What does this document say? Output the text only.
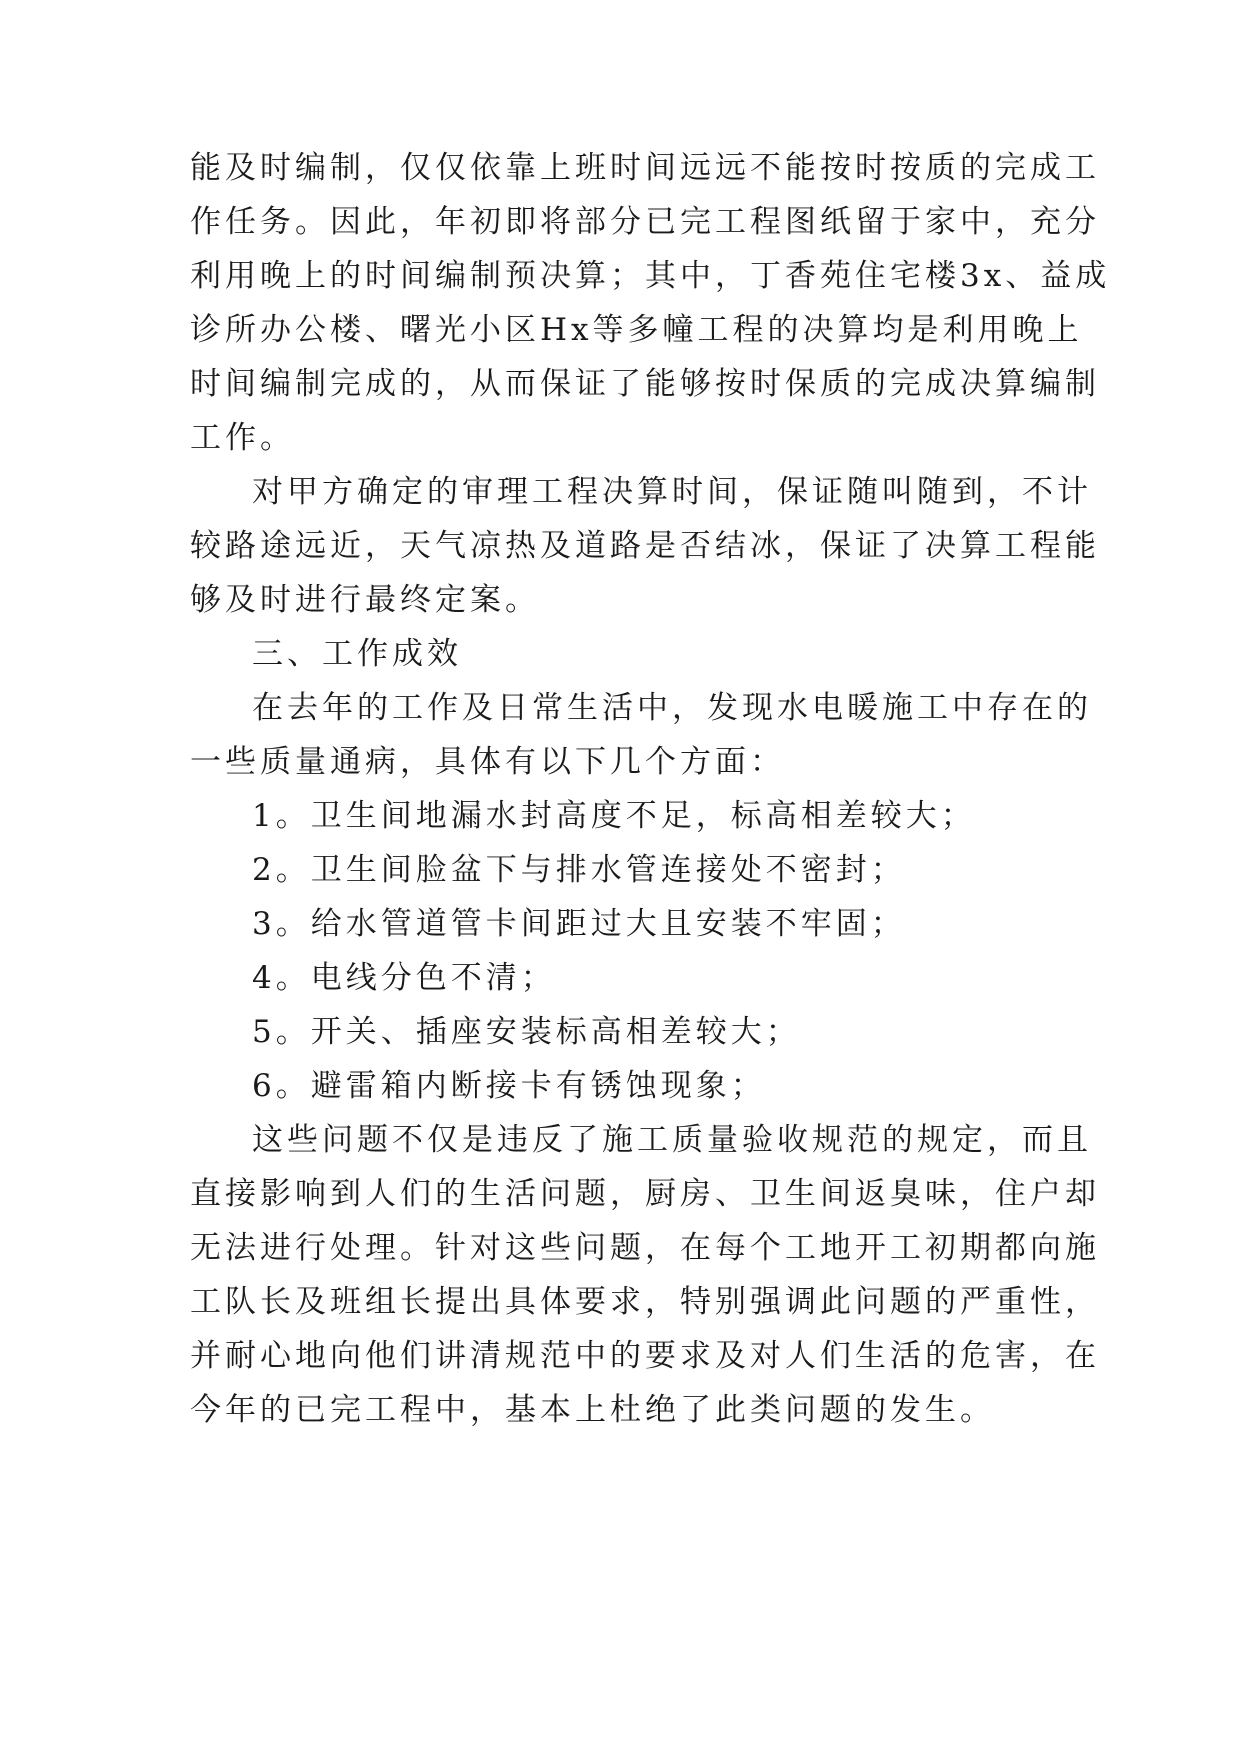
能及时编制，仅仅依靠上班时间远远不能按时按质的完成工
作任务。因此，年初即将部分已完工程图纸留于家中，充分
利用晚上的时间编制预决算；其中，丁香苑住宅楼3x、益成
诊所办公楼、曙光小区Hx等多幢工程的决算均是利用晚上
时间编制完成的，从而保证了能够按时保质的完成决算编制
工作。
对甲方确定的审理工程决算时间，保证随叫随到，不计
较路途远近，天气凉热及道路是否结冰，保证了决算工程能
够及时进行最终定案。
三、工作成效
在去年的工作及日常生活中，发现水电暖施工中存在的
一些质量通病，具体有以下几个方面：
1。卫生间地漏水封高度不足，标高相差较大；
2。卫生间脸盆下与排水管连接处不密封；
3。给水管道管卡间距过大且安装不牢固；
4。电线分色不清；
5。开关、插座安装标高相差较大；
6。避雷箱内断接卡有锈蚀现象；
这些问题不仅是违反了施工质量验收规范的规定，而且
直接影响到人们的生活问题，厨房、卫生间返臭味，住户却
无法进行处理。针对这些问题，在每个工地开工初期都向施
工队长及班组长提出具体要求，特别强调此问题的严重性，
并耐心地向他们讲清规范中的要求及对人们生活的危害，在
今年的已完工程中，基本上杜绝了此类问题的发生。
